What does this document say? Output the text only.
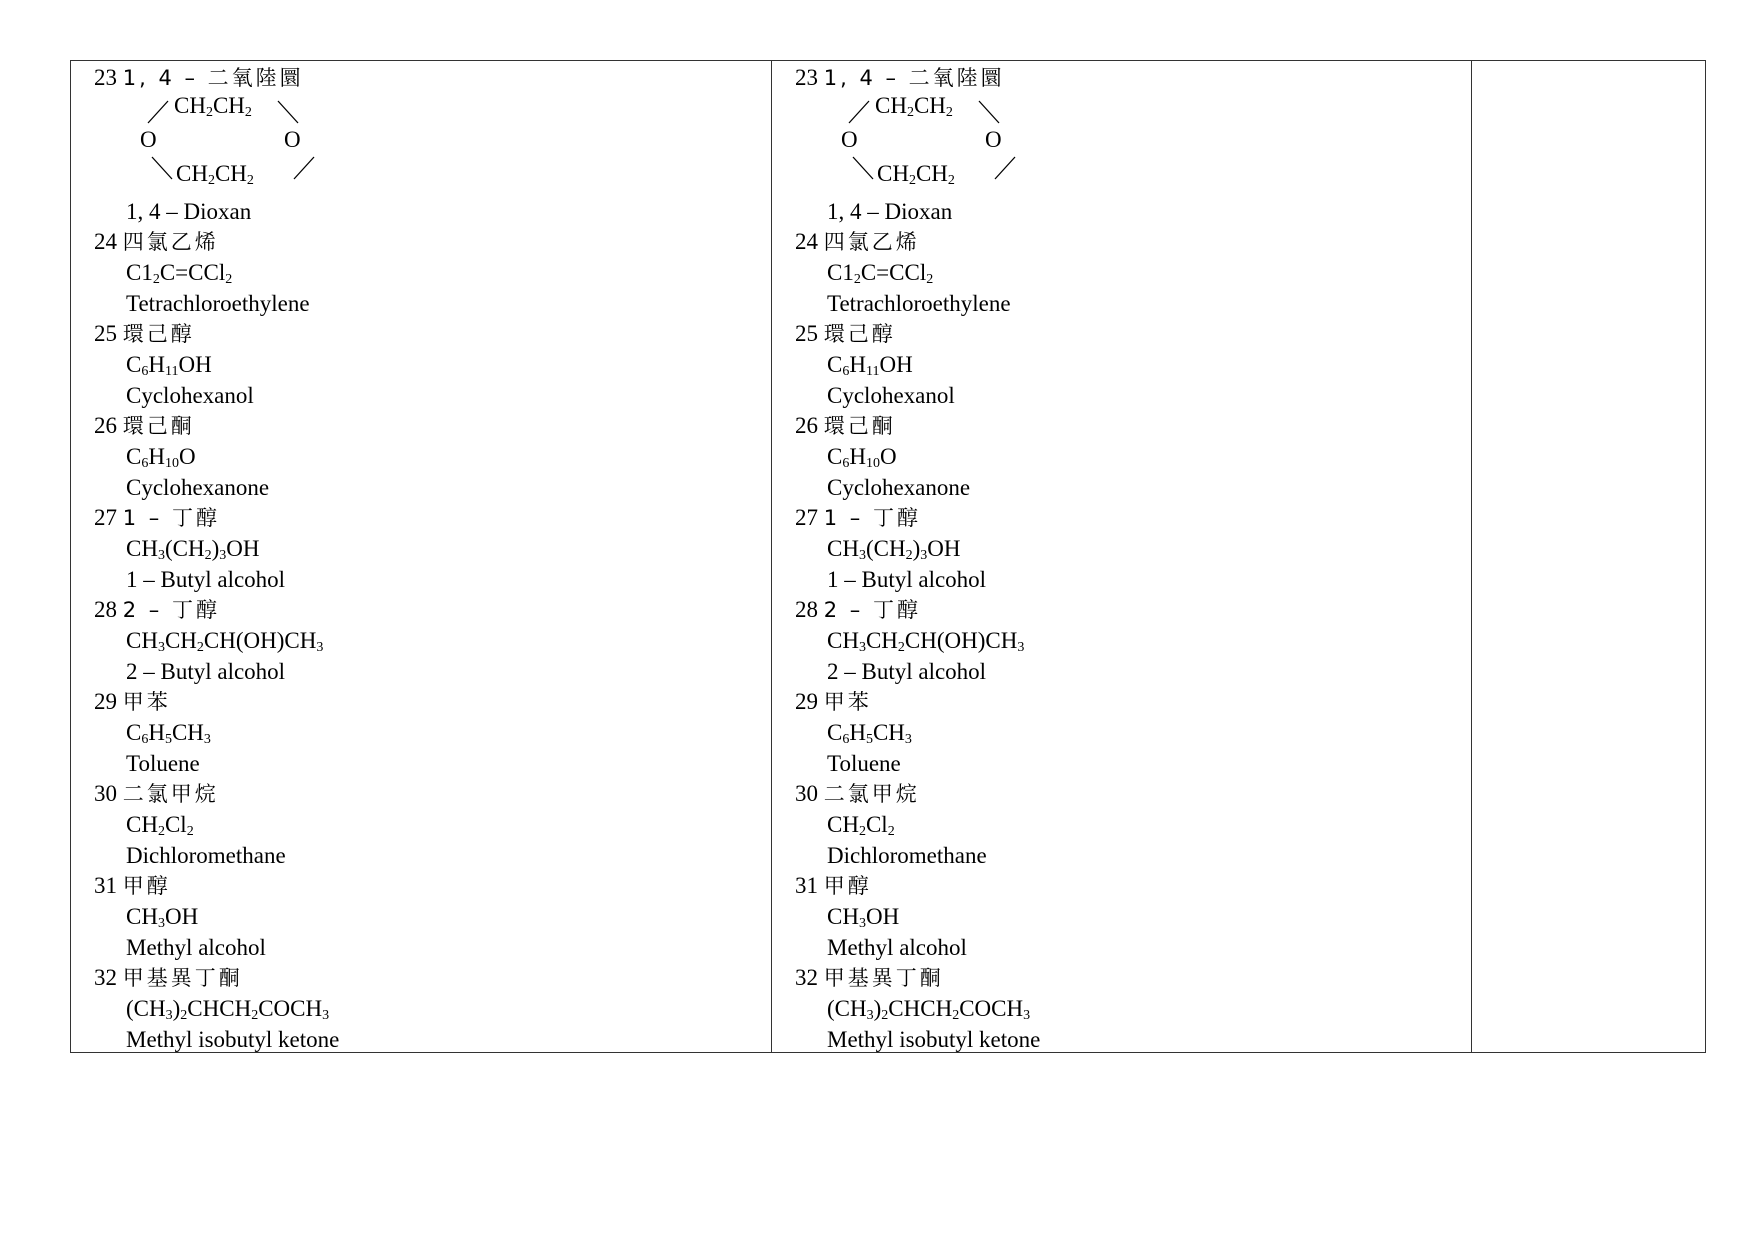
23 1, 4 – 二氧陸圜
$CH_2CH_2$
O	O
$CH_2CH_2$
1, 4 – Dioxan
24 四氯乙烯
$C1_2C=CCl_2$
Tetrachloroethylene
25 環己醇
$C_6H_{11}OH$
Cyclohexanol
26 環己酮
$C_6H_{10}O$
Cyclohexanone
27 1 – 丁醇
$CH_3(CH_2)_3OH$
1 – Butyl alcohol
28 2 – 丁醇
$CH_3CH_2CH(OH)CH_3$
2 – Butyl alcohol
29 甲苯
$C_6H_5CH_3$
Toluene
30 二氯甲烷
$CH_2Cl_2$
Dichloromethane
31 甲醇
$CH_3OH$
Methyl alcohol
32 甲基異丁酮
$(CH_3)_2CHCH_2COCH_3$
Methyl isobutyl ketone
23 1, 4 – 二氧陸圜
$CH_2CH_2$
O	O
$CH_2CH_2$
1, 4 – Dioxan
24 四氯乙烯
$C1_2C=CCl_2$
Tetrachloroethylene
25 環己醇
$C_6H_{11}OH$
Cyclohexanol
26 環己酮
$C_6H_{10}O$
Cyclohexanone
27 1 – 丁醇
$CH_3(CH_2)_3OH$
1 – Butyl alcohol
28 2 – 丁醇
$CH_3CH_2CH(OH)CH_3$
2 – Butyl alcohol
29 甲苯
$C_6H_5CH_3$
Toluene
30 二氯甲烷
$CH_2Cl_2$
Dichloromethane
31 甲醇
$CH_3OH$
Methyl alcohol
32 甲基異丁酮
$(CH_3)_2CHCH_2COCH_3$
Methyl isobutyl ketone
